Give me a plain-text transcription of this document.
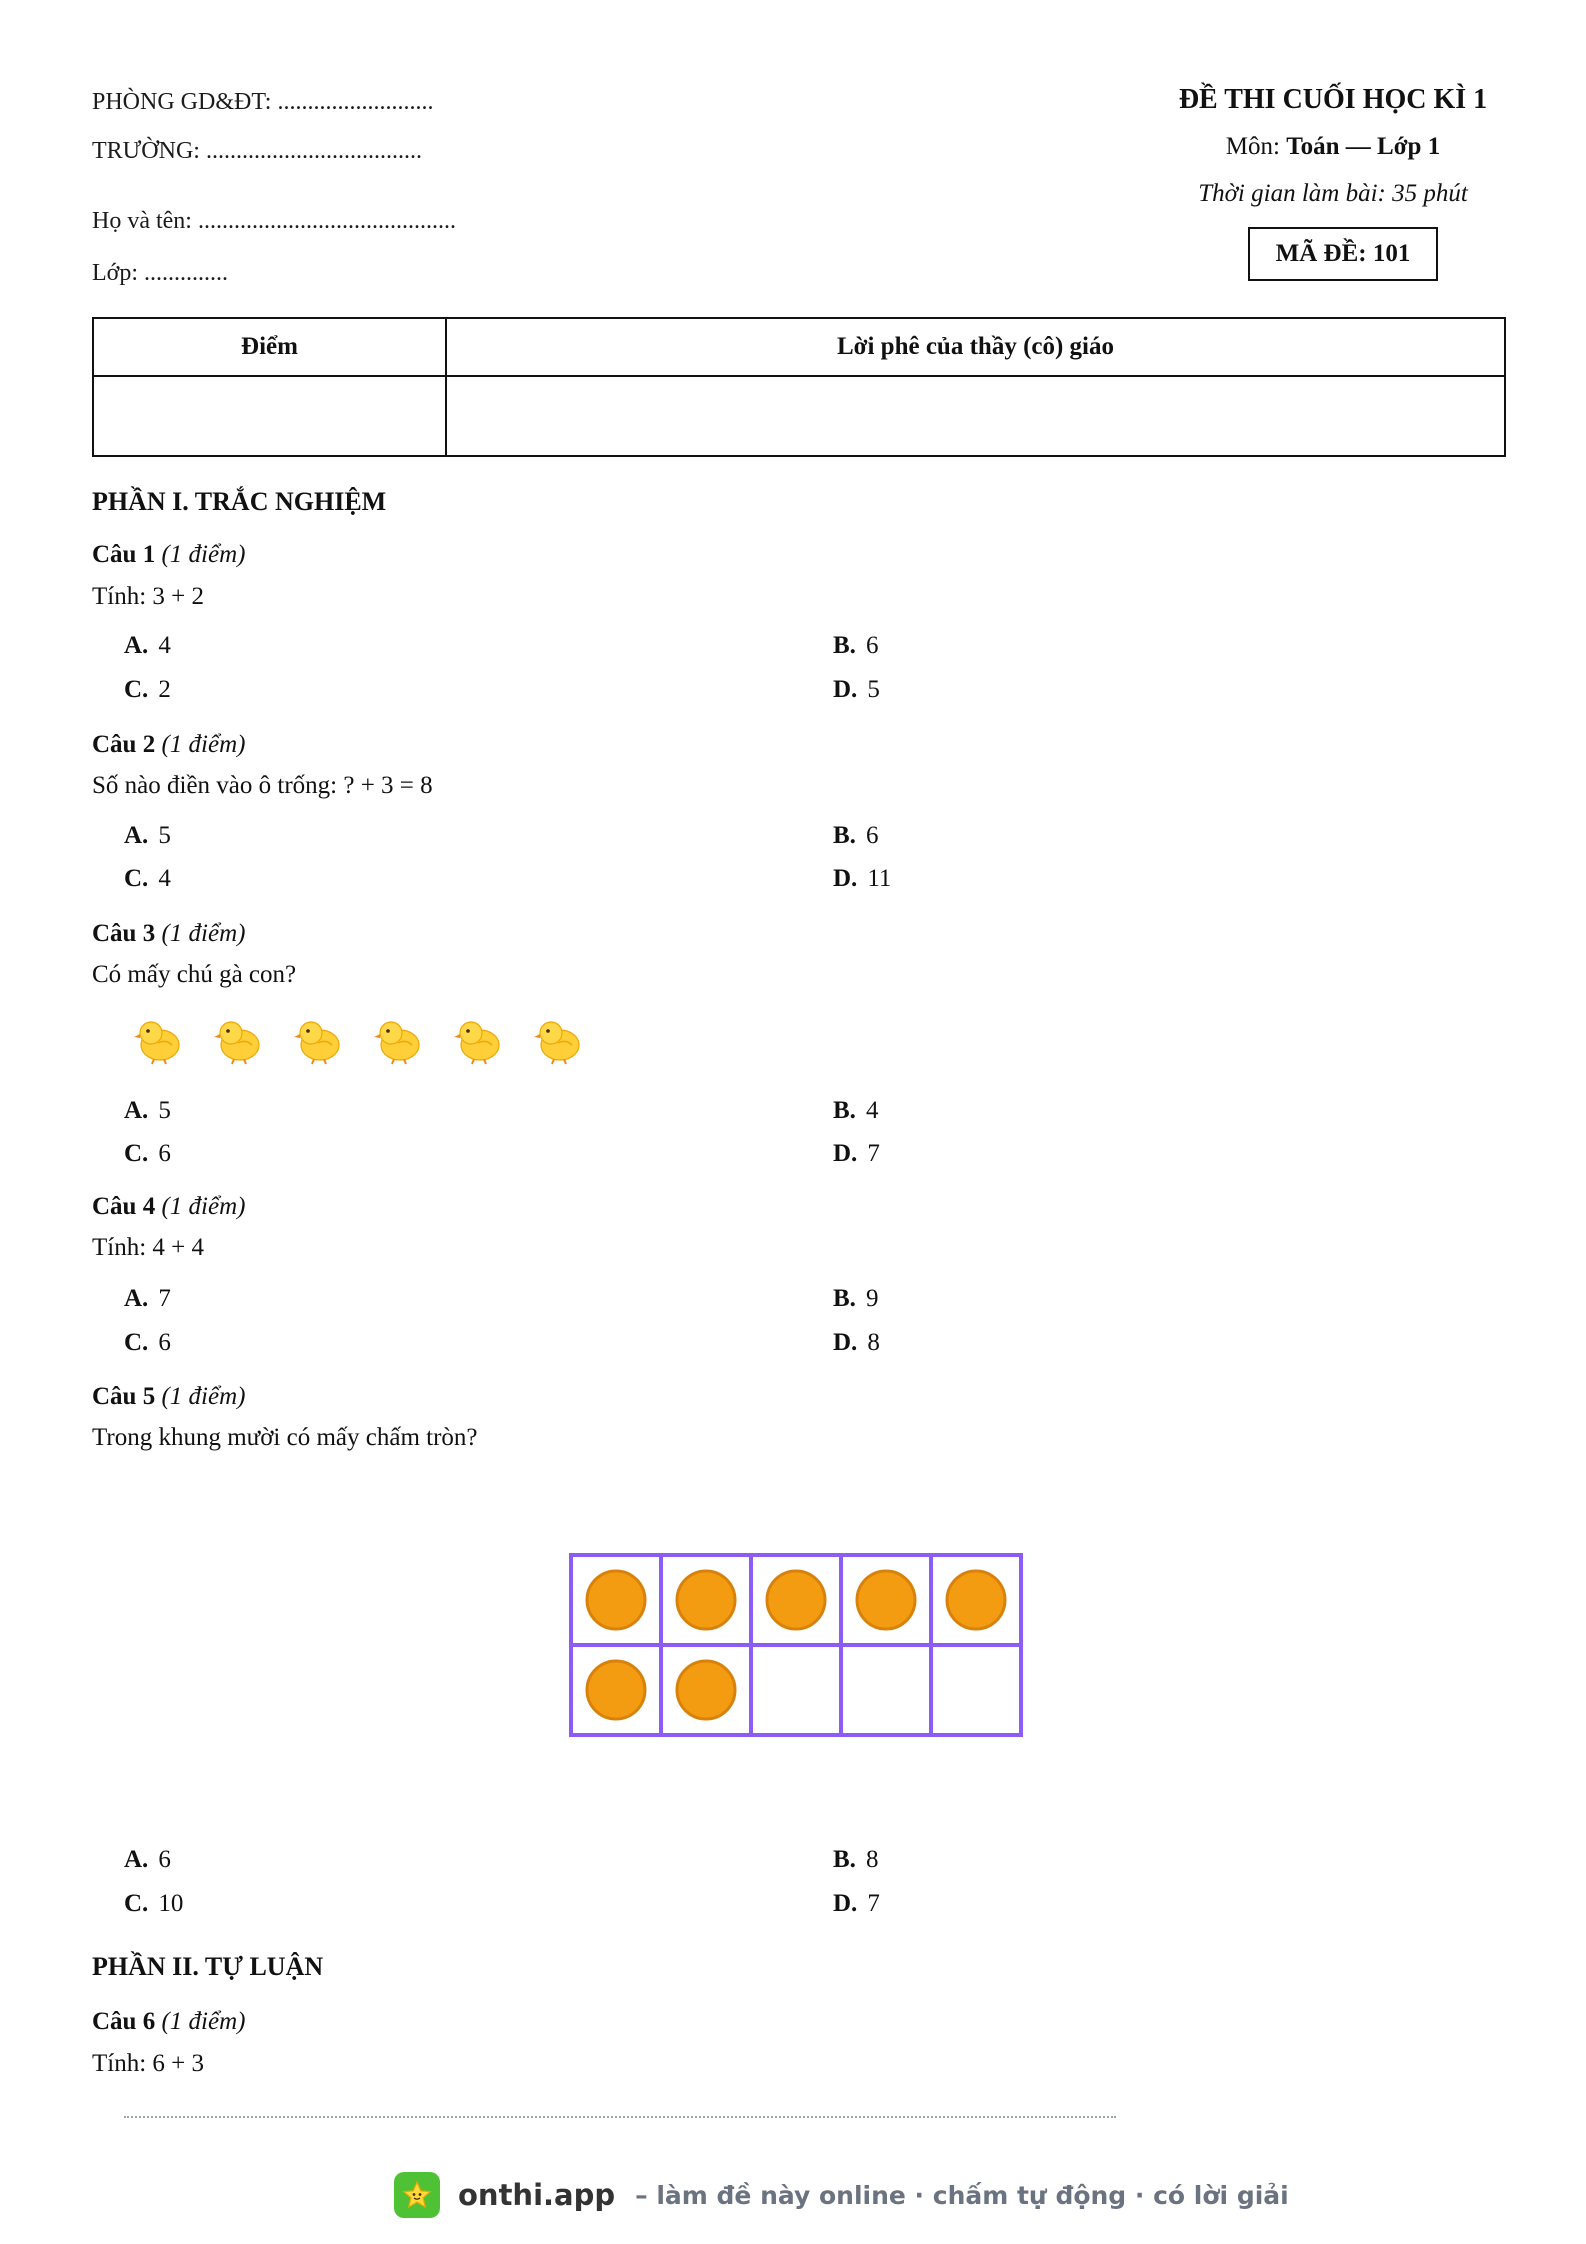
PHÒNG GD&ĐT: ..........................
TRƯỜNG: ....................................
Họ và tên: ...........................................
Lớp: ..............
ĐỀ THI CUỐI HỌC KÌ 1
Môn: Toán — Lớp 1
Thời gian làm bài: 35 phút
MÃ ĐỀ: 101
Điểm	Lời phê của thầy (cô) giáo

PHẦN I. TRẮC NGHIỆM
Câu 1 (1 điểm)
Tính: 3 + 2
A. 4	B. 6
C. 2	D. 5
Câu 2 (1 điểm)
Số nào điền vào ô trống: ? + 3 = 8
A. 5	B. 6
C. 4	D. 11
Câu 3 (1 điểm)
Có mấy chú gà con?
A. 5	B. 4
C. 6	D. 7
Câu 4 (1 điểm)
Tính: 4 + 4
A. 7	B. 9
C. 6	D. 8
Câu 5 (1 điểm)
Trong khung mười có mấy chấm tròn?
A. 6	B. 8
C. 10	D. 7
PHẦN II. TỰ LUẬN
Câu 6 (1 điểm)
Tính: 6 + 3
onthi.app – làm đề này online · chấm tự động · có lời giải
